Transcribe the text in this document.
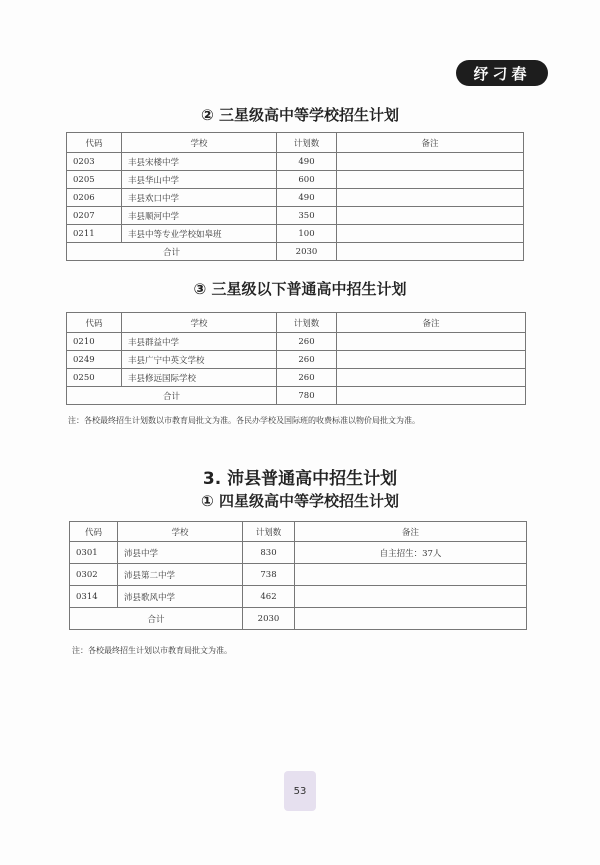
纾刁舂
② 三星级高中等学校招生计划
代码	学校	计划数	备注
0203	丰县宋楼中学	490	
0205	丰县华山中学	600	
0206	丰县欢口中学	490	
0207	丰县顺河中学	350	
0211	丰县中等专业学校如皋班	100	
合计		2030	
③ 三星级以下普通高中招生计划
代码	学校	计划数	备注
0210	丰县群益中学	260	
0249	丰县广宁中英文学校	260	
0250	丰县修远国际学校	260	
合计		780	
注：各校最终招生计划数以市教育局批文为准。各民办学校及国际班的收费标准以物价局批文为准。
3. 沛县普通高中招生计划
① 四星级高中等学校招生计划
代码	学校	计划数	备注
0301	沛县中学	830	自主招生：37人
0302	沛县第二中学	738	
0314	沛县歌风中学	462	
合计		2030	
注：各校最终招生计划以市教育局批文为准。
53
